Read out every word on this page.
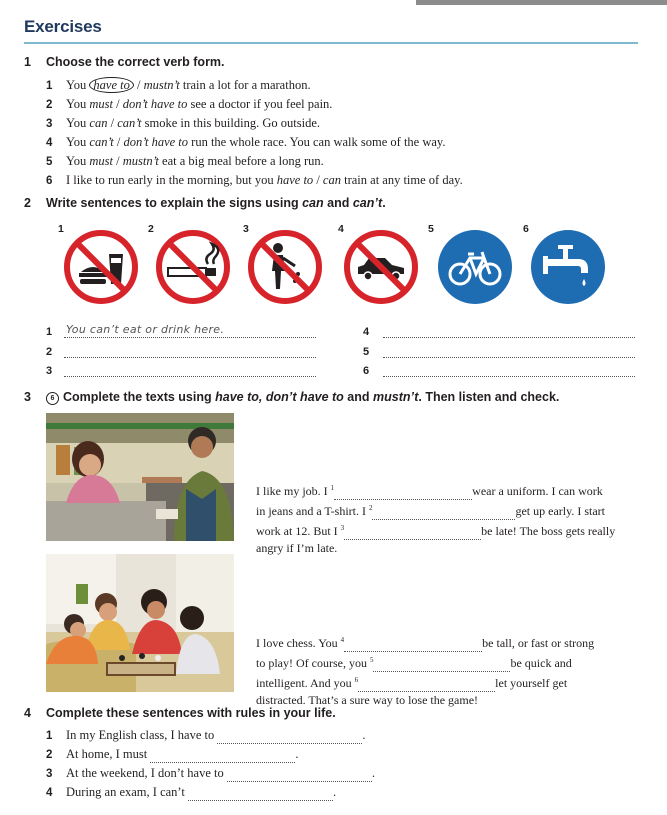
Exercises
1 Choose the correct verb form.
1 You have to / mustn’t train a lot for a marathon.
2 You must / don’t have to see a doctor if you feel pain.
3 You can / can’t smoke in this building. Go outside.
4 You can’t / don’t have to run the whole race. You can walk some of the way.
5 You must / mustn’t eat a big meal before a long run.
6 I like to run early in the morning, but you have to / can train at any time of day.
2 Write sentences to explain the signs using can and can’t.
1	2	3	4	5	6
1 You can’t eat or drink here.
2
3
4
5
6
3	6 Complete the texts using have to, don’t have to and mustn’t. Then listen and check.
I like my job. I $^1$	wear a uniform. I can work
in jeans and a T-shirt. I $^2$	get up early. I start
work at 12. But I $^3$	be late! The boss gets really
angry if I’m late.
I love chess. You $^4$	be tall, or fast or strong
to play! Of course, you $^5$	be quick and
intelligent. And you $^6$	let yourself get
distracted. That’s a sure way to lose the game!
4 Complete these sentences with rules in your life.
1 In my English class, I have to	.
2 At home, I must	.
3 At the weekend, I don’t have to	.
4 During an exam, I can’t	.
